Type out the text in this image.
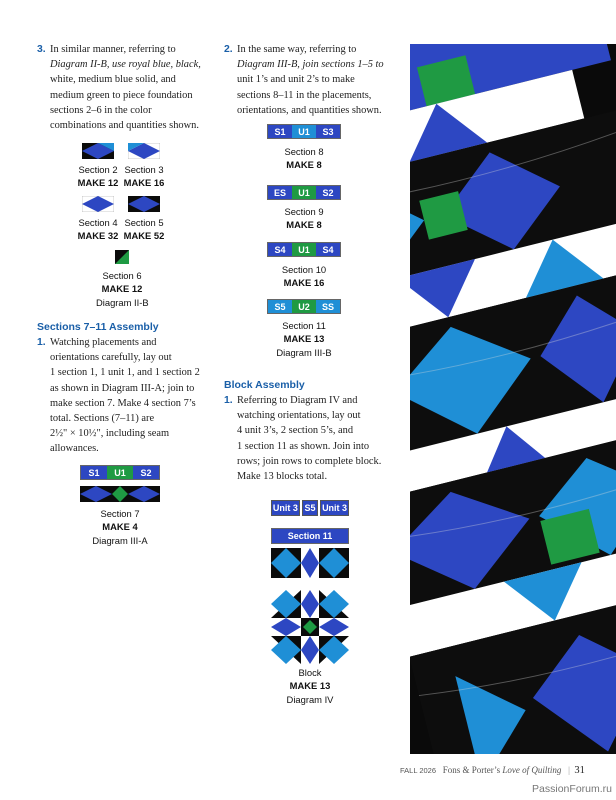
3. In similar manner, referring to
Diagram II-B, use royal blue, black,
white, medium blue solid, and
medium green to piece foundation
sections 2–6 in the color
combinations and quantities shown.
Section 2
MAKE 12
Section 3
MAKE 16
Section 4
MAKE 32
Section 5
MAKE 52
Section 6
MAKE 12
Diagram II-B
Sections 7–11 Assembly
1. Watching placements and
orientations carefully, lay out
1 section 1, 1 unit 1, and 1 section 2
as shown in Diagram III-A; join to
make section 7. Make 4 section 7’s
total. Sections (7–11) are
2½" × 10½", including seam
allowances.
S1	U1	S2
Section 7
MAKE 4
Diagram III-A
2. In the same way, referring to
Diagram III-B, join sections 1–5 to
unit 1’s and unit 2’s to make
sections 8–11 in the placements,
orientations, and quantities shown.
S1	U1	S3
Section 8
MAKE 8
ES	U1	S2
Section 9
MAKE 8
S4	U1	S4
Section 10
MAKE 16
S5	U2	SS
Section 11
MAKE 13
Diagram III-B
Block Assembly
1. Referring to Diagram IV and
watching orientations, lay out
4 unit 3’s, 2 section 5’s, and
1 section 11 as shown. Join into
rows; join rows to complete block.
Make 13 blocks total.
Unit 3 S5 Unit 3
Section 11
Block
MAKE 13
Diagram IV
FALL 2026 Fons & Porter’s Love of Quilting | 31
PassionForum.ru
